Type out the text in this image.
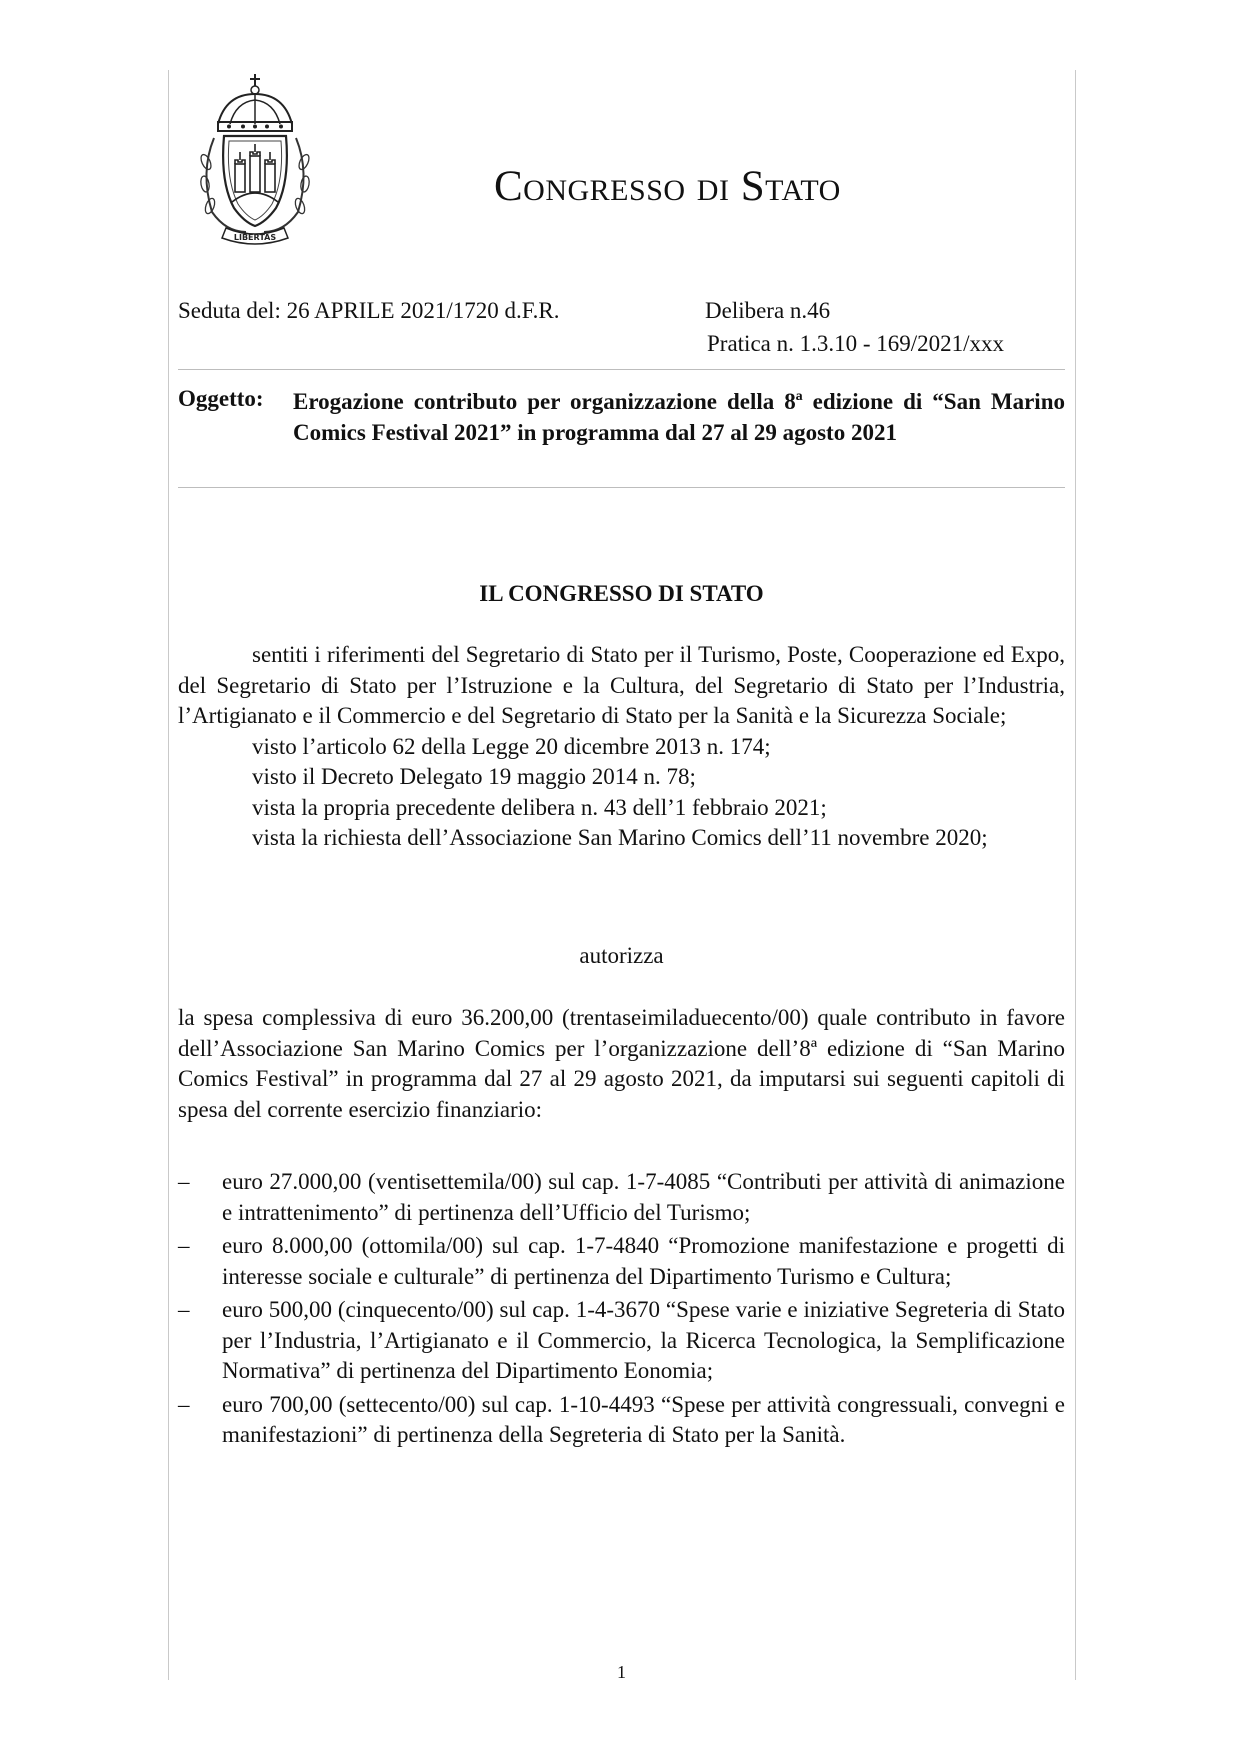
LIBERTAS
Congresso di Stato
Seduta del: 26 APRILE 2021/1720 d.F.R.	Delibera n.46
Pratica n. 1.3.10 - 169/2021/xxx
Oggetto: Erogazione contributo per organizzazione della 8ª edizione di “San Marino Comics Festival 2021” in programma dal 27 al 29 agosto 2021
IL CONGRESSO DI STATO

sentiti i riferimenti del Segretario di Stato per il Turismo, Poste, Cooperazione ed Expo, del Segretario di Stato per l’Istruzione e la Cultura, del Segretario di Stato per l’Industria, l’Artigianato e il Commercio e del Segretario di Stato per la Sanità e la Sicurezza Sociale;

visto l’articolo 62 della Legge 20 dicembre 2013 n. 174;

visto il Decreto Delegato 19 maggio 2014 n. 78;

vista la propria precedente delibera n. 43 dell’1 febbraio 2021;

vista la richiesta dell’Associazione San Marino Comics dell’11 novembre 2020;

autorizza

la spesa complessiva di euro 36.200,00 (trentaseimiladuecento/00) quale contributo in favore dell’Associazione San Marino Comics per l’organizzazione dell’8ª edizione di “San Marino Comics Festival” in programma dal 27 al 29 agosto 2021, da imputarsi sui seguenti capitoli di spesa del corrente esercizio finanziario:

– euro 27.000,00 (ventisettemila/00) sul cap. 1-7-4085 “Contributi per attività di animazione e intrattenimento” di pertinenza dell’Ufficio del Turismo;
– euro 8.000,00 (ottomila/00) sul cap. 1-7-4840 “Promozione manifestazione e progetti di interesse sociale e culturale” di pertinenza del Dipartimento Turismo e Cultura;
– euro 500,00 (cinquecento/00) sul cap. 1-4-3670 “Spese varie e iniziative Segreteria di Stato per l’Industria, l’Artigianato e il Commercio, la Ricerca Tecnologica, la Semplificazione Normativa” di pertinenza del Dipartimento Eonomia;
– euro 700,00 (settecento/00) sul cap. 1-10-4493 “Spese per attività congressuali, convegni e manifestazioni” di pertinenza della Segreteria di Stato per la Sanità.
1
